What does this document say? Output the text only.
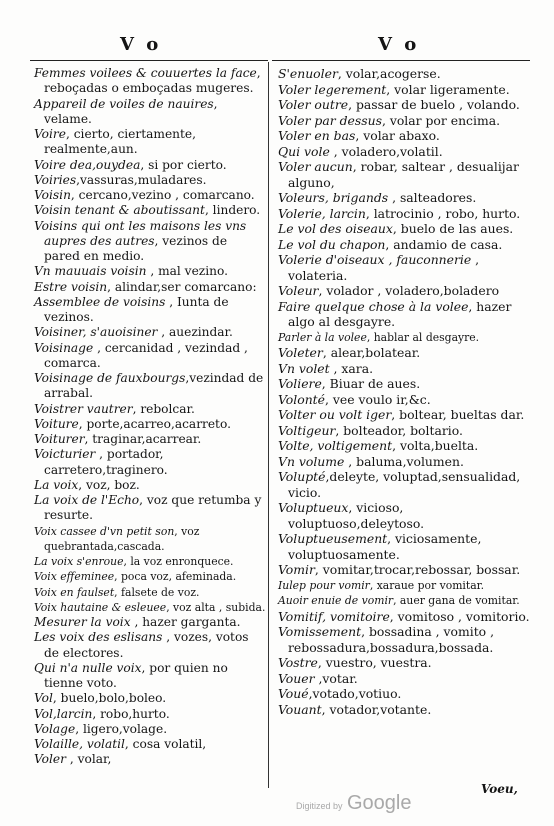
V o	V o

Femmes voilees & couuertes la face, reboçadas o emboçadas mugeres.

Appareil de voiles de nauires, velame.

Voire, cierto, ciertamente, realmente,aun.

Voire dea,ouydea, si por cierto.

Voiries,vassuras,muladares.

Voisin, cercano,vezino , comarcano.

Voisin tenant & aboutissant, lindero.

Voisins qui ont les maisons les vns aupres des autres, vezinos de pared en medio.

Vn mauuais voisin , mal vezino.

Estre voisin, alindar,ser comarcano:

Assemblee de voisins , Iunta de vezinos.

Voisiner, s'auoisiner , auezindar.

Voisinage , cercanidad , vezindad , comarca.

Voisinage de fauxbourgs,vezindad de arrabal.

Voistrer vautrer, rebolcar.

Voiture, porte,acarreo,acarreto.

Voiturer, traginar,acarrear.

Voicturier , portador, carretero,traginero.

La voix, voz, boz.

La voix de l'Echo, voz que retumba y resurte.

Voix cassee d'vn petit son, voz quebrantada,cascada.

La voix s'enroue, la voz enronquece.

Voix effeminee, poca voz, afeminada.

Voix en faulset, falsete de voz.

Voix hautaine & esleuee, voz alta , subida.

Mesurer la voix , hazer garganta.

Les voix des eslisans , vozes, votos de electores.

Qui n'a nulle voix, por quien no tienne voto.

Vol, buelo,bolo,boleo.

Vol,larcin, robo,hurto.

Volage, ligero,volage.

Volaille, volatil, cosa volatil,

Voler , volar,

S'enuoler, volar,acogerse.

Voler legerement, volar ligeramente.

Voler outre, passar de buelo , volando.

Voler par dessus, volar por encima.

Voler en bas, volar abaxo.

Qui vole , voladero,volatil.

Voler aucun, robar, saltear , desualijar alguno,

Voleurs, brigands , salteadores.

Volerie, larcin, latrocinio , robo, hurto.

Le vol des oiseaux, buelo de las aues.

Le vol du chapon, andamio de casa.

Volerie d'oiseaux , fauconnerie , volateria.

Voleur, volador , voladero,boladero

Faire quelque chose à la volee, hazer algo al desgayre.

Parler à la volee, hablar al desgayre.

Voleter, alear,bolatear.

Vn volet , xara.

Voliere, Biuar de aues.

Volonté, vee voulo ir,&c.

Volter ou volt iger, boltear, bueltas dar.

Voltigeur, bolteador, boltario.

Volte, voltigement, volta,buelta.

Vn volume , baluma,volumen.

Volupté,deleyte, voluptad,sensualidad, vicio.

Voluptueux, vicioso, voluptuoso,deleytoso.

Voluptueusement, viciosamente, voluptuosamente.

Vomir, vomitar,trocar,rebossar, bossar.

Iulep pour vomir, xaraue por vomitar.

Auoir enuie de vomir, auer gana de vomitar.

Vomitif, vomitoire, vomitoso , vomitorio.

Vomissement, bossadina , vomito , rebossadura,bossadura,bossada.

Vostre, vuestro, vuestra.

Vouer ,votar.

Voué,votado,votiuo.

Vouant, votador,votante.

Voeu,
Digitized by Google
